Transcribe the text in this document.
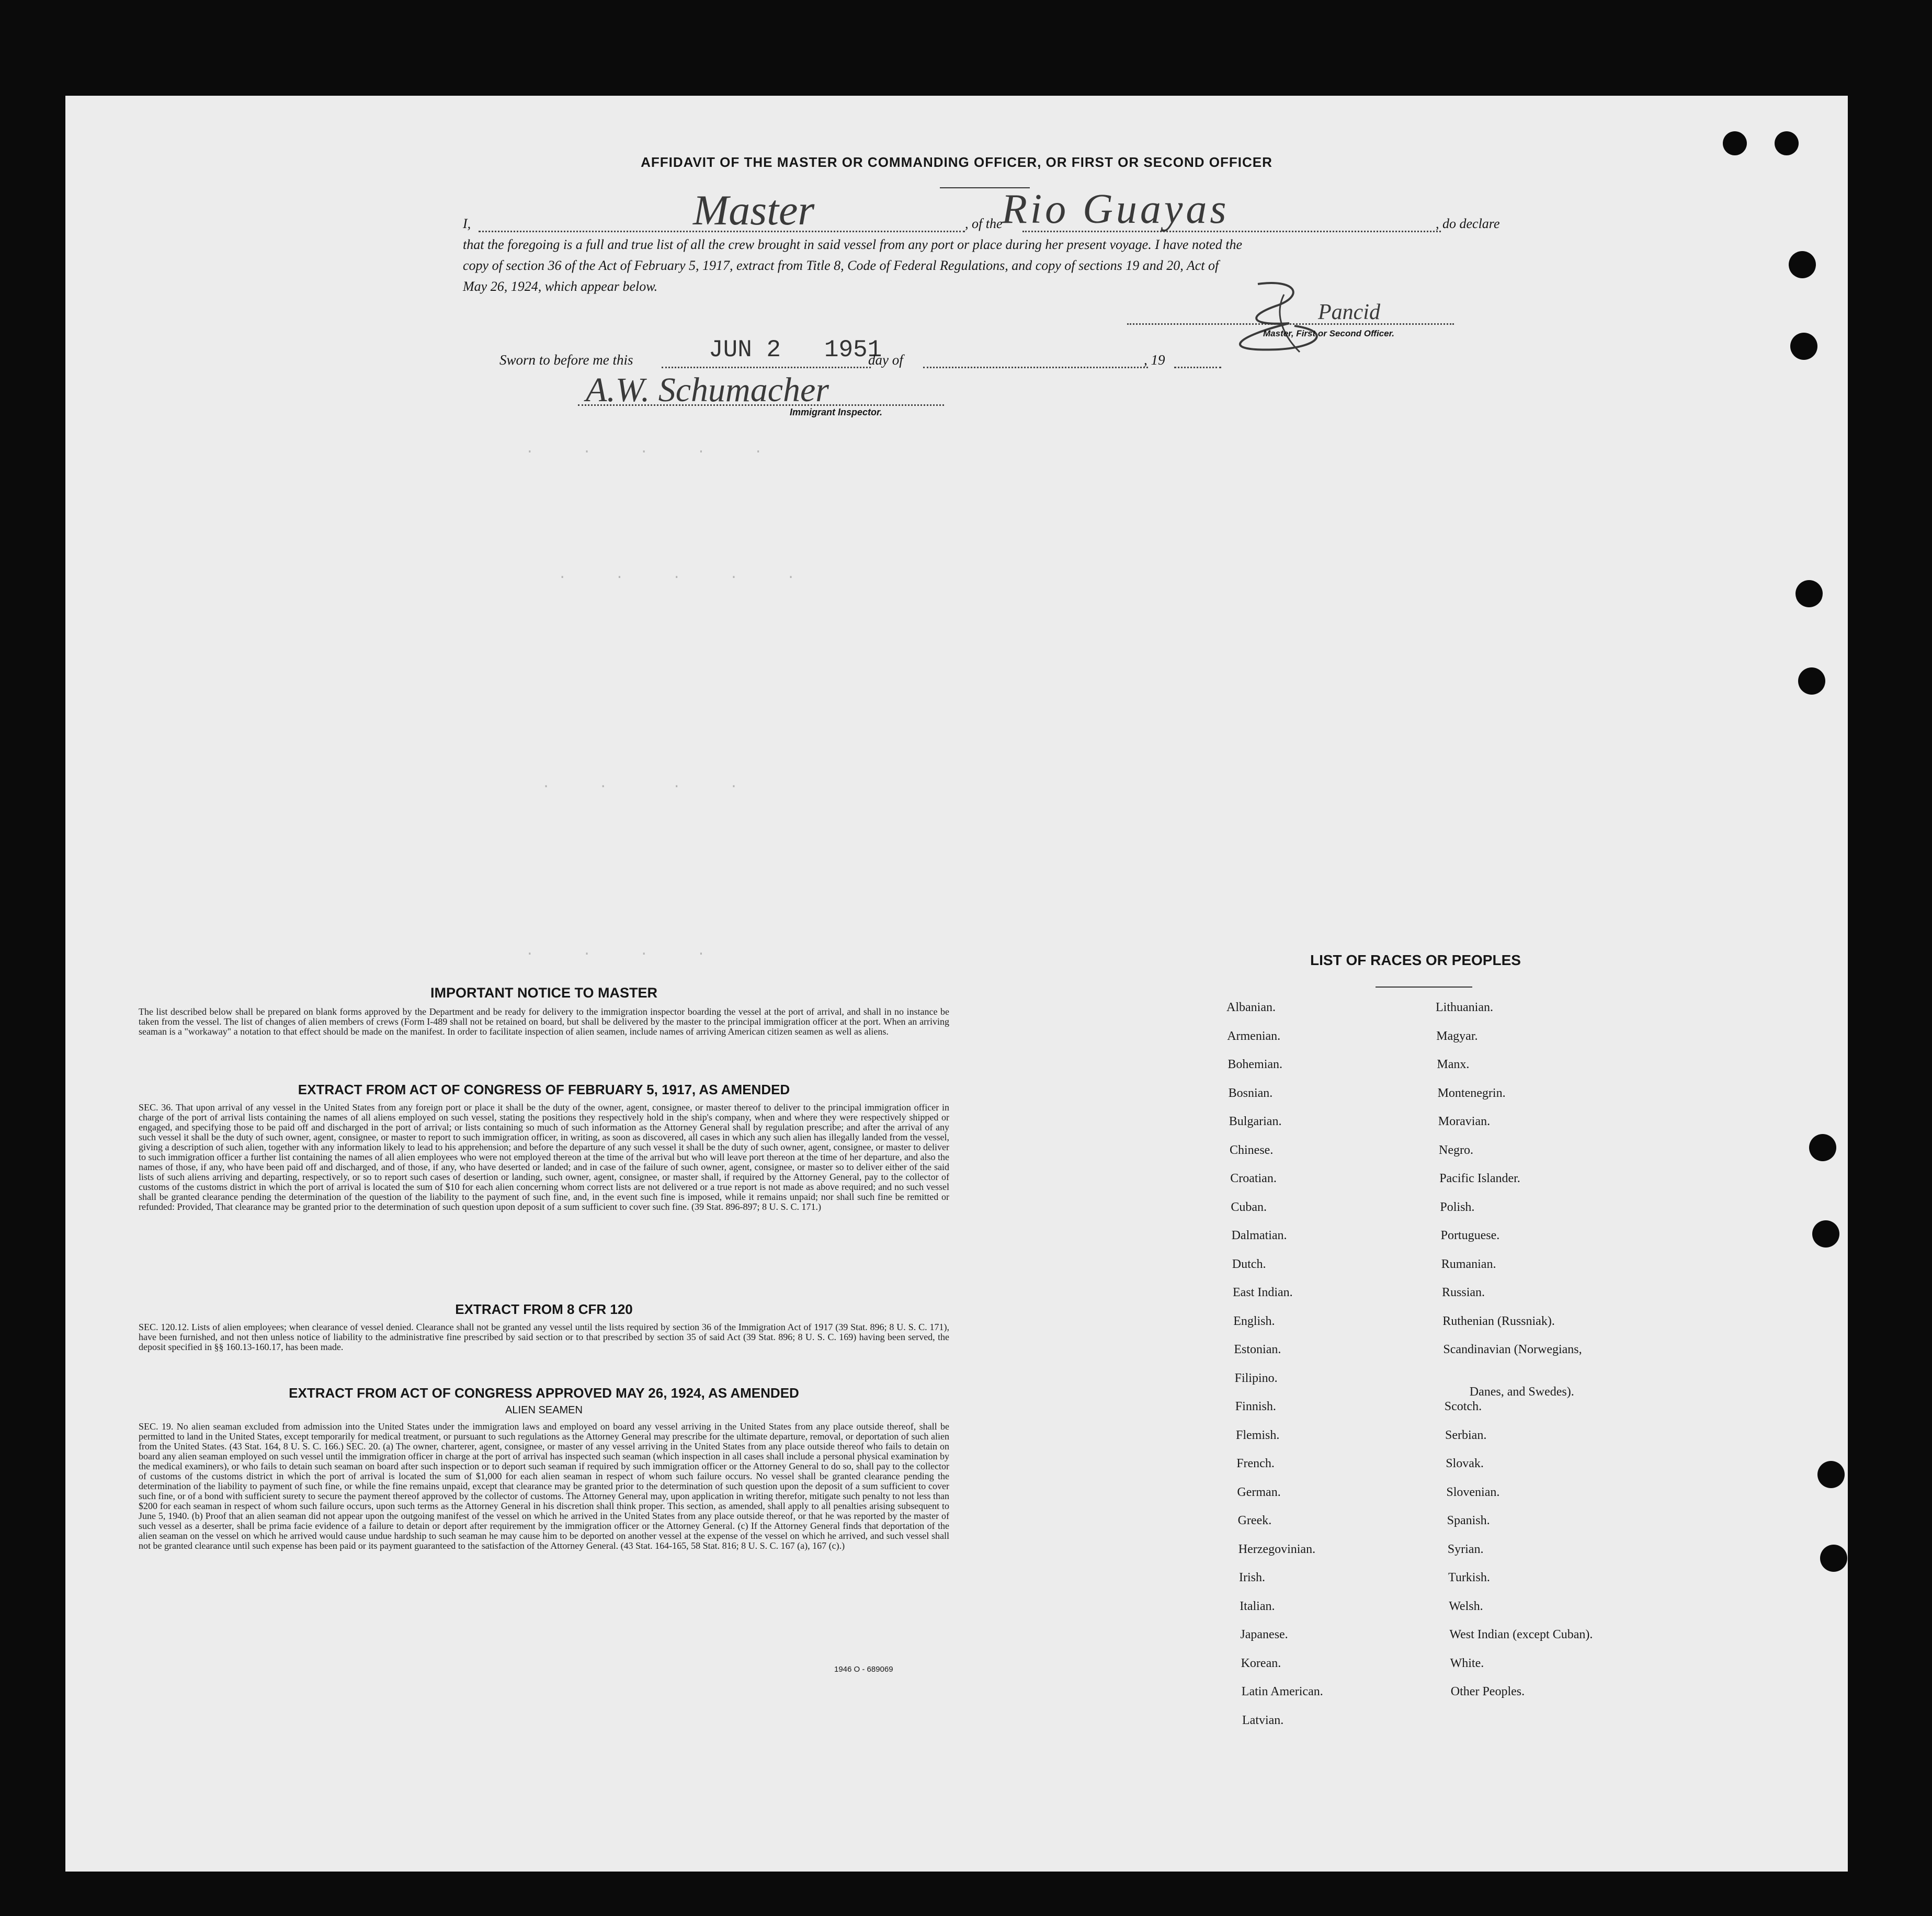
.      .      .      .      .
.      .      .      .      .
.      .        .      .
.      .      .      .
AFFIDAVIT OF THE MASTER OR COMMANDING OFFICER, OR FIRST OR SECOND OFFICER
I,	Master	, of the
Rio Guayas	, do declare
that the foregoing is a full and true list of all the crew brought in said vessel from any port or place during her present voyage. I have noted the
copy of section 36 of the Act of February 5, 1917, extract from Title 8, Code of Federal Regulations, and copy of sections 19 and 20, Act of
May 26, 1924, which appear below.
Pancid
Master, First or Second Officer.
Sworn to before me this	JUN 2   1951
day of	, 19
A.W. Schumacher
Immigrant Inspector.
IMPORTANT NOTICE TO MASTER

The list described below shall be prepared on blank forms approved by the Department and be ready for delivery to the immigration inspector boarding the vessel at the port of arrival, and shall in no instance be taken from the vessel. The list of changes of alien members of crews (Form I-489 shall not be retained on board, but shall be delivered by the master to the principal immigration officer at the port. When an arriving seaman is a "workaway" a notation to that effect should be made on the manifest. In order to facilitate inspection of alien seamen, include names of arriving American citizen seamen as well as aliens.

EXTRACT FROM ACT OF CONGRESS OF FEBRUARY 5, 1917, AS AMENDED

SEC. 36. That upon arrival of any vessel in the United States from any foreign port or place it shall be the duty of the owner, agent, consignee, or master thereof to deliver to the principal immigration officer in charge of the port of arrival lists containing the names of all aliens employed on such vessel, stating the positions they respectively hold in the ship's company, when and where they were respectively shipped or engaged, and specifying those to be paid off and discharged in the port of arrival; or lists containing so much of such information as the Attorney General shall by regulation prescribe; and after the arrival of any such vessel it shall be the duty of such owner, agent, consignee, or master to report to such immigration officer, in writing, as soon as discovered, all cases in which any such alien has illegally landed from the vessel, giving a description of such alien, together with any information likely to lead to his apprehension; and before the departure of any such vessel it shall be the duty of such owner, agent, consignee, or master to deliver to such immigration officer a further list containing the names of all alien employees who were not employed thereon at the time of the arrival but who will leave port thereon at the time of her departure, and also the names of those, if any, who have been paid off and discharged, and of those, if any, who have deserted or landed; and in case of the failure of such owner, agent, consignee, or master so to deliver either of the said lists of such aliens arriving and departing, respectively, or so to report such cases of desertion or landing, such owner, agent, consignee, or master shall, if required by the Attorney General, pay to the collector of customs of the customs district in which the port of arrival is located the sum of $10 for each alien concerning whom correct lists are not delivered or a true report is not made as above required; and no such vessel shall be granted clearance pending the determination of the question of the liability to the payment of such fine, and, in the event such fine is imposed, while it remains unpaid; nor shall such fine be remitted or refunded: Provided, That clearance may be granted prior to the determination of such question upon deposit of a sum sufficient to cover such fine. (39 Stat. 896-897; 8 U. S. C. 171.)

EXTRACT FROM 8 CFR 120

SEC. 120.12. Lists of alien employees; when clearance of vessel denied. Clearance shall not be granted any vessel until the lists required by section 36 of the Immigration Act of 1917 (39 Stat. 896; 8 U. S. C. 171), have been furnished, and not then unless notice of liability to the administrative fine prescribed by said section or to that prescribed by section 35 of said Act (39 Stat. 896; 8 U. S. C. 169) having been served, the deposit specified in §§ 160.13-160.17, has been made.

EXTRACT FROM ACT OF CONGRESS APPROVED MAY 26, 1924, AS AMENDED
ALIEN SEAMEN

SEC. 19. No alien seaman excluded from admission into the United States under the immigration laws and employed on board any vessel arriving in the United States from any place outside thereof, shall be permitted to land in the United States, except temporarily for medical treatment, or pursuant to such regulations as the Attorney General may prescribe for the ultimate departure, removal, or deportation of such alien from the United States. (43 Stat. 164, 8 U. S. C. 166.) SEC. 20. (a) The owner, charterer, agent, consignee, or master of any vessel arriving in the United States from any place outside thereof who fails to detain on board any alien seaman employed on such vessel until the immigration officer in charge at the port of arrival has inspected such seaman (which inspection in all cases shall include a personal physical examination by the medical examiners), or who fails to detain such seaman on board after such inspection or to deport such seaman if required by such immigration officer or the Attorney General to do so, shall pay to the collector of customs of the customs district in which the port of arrival is located the sum of $1,000 for each alien seaman in respect of whom such failure occurs. No vessel shall be granted clearance pending the determination of the liability to payment of such fine, or while the fine remains unpaid, except that clearance may be granted prior to the determination of such question upon the deposit of a sum sufficient to cover such fine, or of a bond with sufficient surety to secure the payment thereof approved by the collector of customs. The Attorney General may, upon application in writing therefor, mitigate such penalty to not less than $200 for each seaman in respect of whom such failure occurs, upon such terms as the Attorney General in his discretion shall think proper. This section, as amended, shall apply to all penalties arising subsequent to June 5, 1940. (b) Proof that an alien seaman did not appear upon the outgoing manifest of the vessel on which he arrived in the United States from any place outside thereof, or that he was reported by the master of such vessel as a deserter, shall be prima facie evidence of a failure to detain or deport after requirement by the immigration officer or the Attorney General. (c) If the Attorney General finds that deportation of the alien seaman on the vessel on which he arrived would cause undue hardship to such seaman he may cause him to be deported on another vessel at the expense of the vessel on which he arrived, and such vessel shall not be granted clearance until such expense has been paid or its payment guaranteed to the satisfaction of the Attorney General. (43 Stat. 164-165, 58 Stat. 816; 8 U. S. C. 167 (a), 167 (c).)

1946 O - 689069
LIST OF RACES OR PEOPLES
Albanian.
Armenian.
Bohemian.
Bosnian.
Bulgarian.
Chinese.
Croatian.
Cuban.
Dalmatian.
Dutch.
East Indian.
English.
Estonian.
Filipino.
Finnish.
Flemish.
French.
German.
Greek.
Herzegovinian.
Irish.
Italian.
Japanese.
Korean.
Latin American.
Latvian.
Lithuanian.
Magyar.
Manx.
Montenegrin.
Moravian.
Negro.
Pacific Islander.
Polish.
Portuguese.
Rumanian.
Russian.
Ruthenian (Russniak).
Scandinavian (Norwegians,
Danes, and Swedes).
Scotch.
Serbian.
Slovak.
Slovenian.
Spanish.
Syrian.
Turkish.
Welsh.
West Indian (except Cuban).
White.
Other Peoples.
